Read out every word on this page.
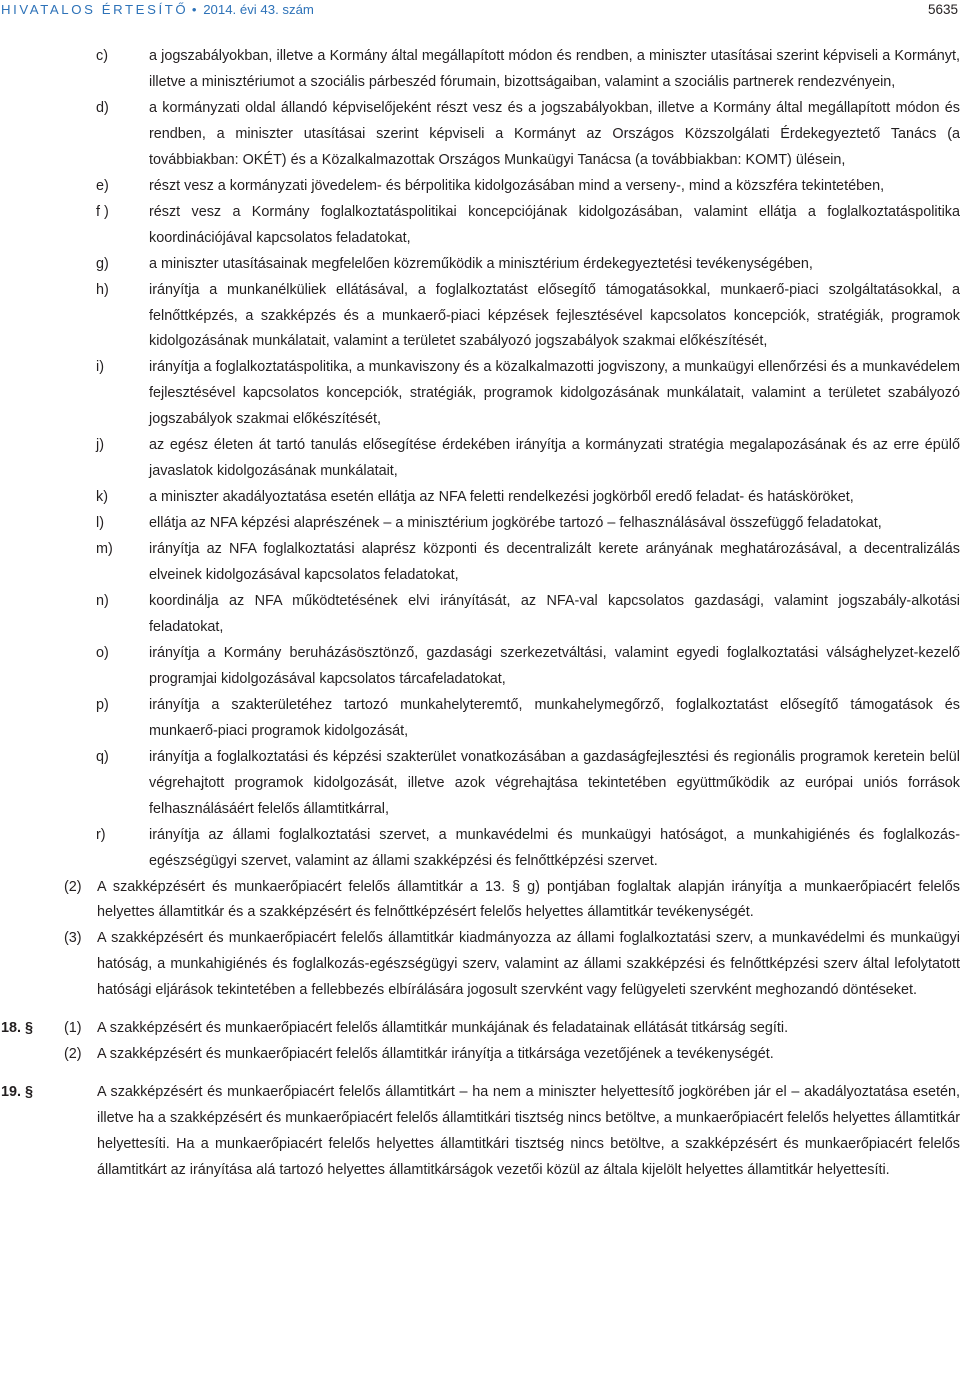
HIVATALOS ÉRTESÍTŐ • 2014. évi 43. szám	5635
c)	a jogszabályokban, illetve a Kormány által megállapított módon és rendben, a miniszter utasításai szerint képviseli a Kormányt, illetve a minisztériumot a szociális párbeszéd fórumain, bizottságaiban, valamint a szociális partnerek rendezvényein,
d)	a kormányzati oldal állandó képviselőjeként részt vesz és a jogszabályokban, illetve a Kormány által megállapított módon és rendben, a miniszter utasításai szerint képviseli a Kormányt az Országos Közszolgálati Érdekegyeztető Tanács (a továbbiakban: OKÉT) és a Közalkalmazottak Országos Munkaügyi Tanácsa (a továbbiakban: KOMT) ülésein,
e)	részt vesz a kormányzati jövedelem- és bérpolitika kidolgozásában mind a verseny-, mind a közszféra tekintetében,
f )	részt vesz a Kormány foglalkoztatáspolitikai koncepciójának kidolgozásában, valamint ellátja a foglalkoztatáspolitika koordinációjával kapcsolatos feladatokat,
g)	a miniszter utasításainak megfelelően közreműködik a minisztérium érdekegyeztetési tevékenységében,
h)	irányítja a munkanélküliek ellátásával, a foglalkoztatást elősegítő támogatásokkal, munkaerő-piaci szolgáltatásokkal, a felnőttképzés, a szakképzés és a munkaerő-piaci képzések fejlesztésével kapcsolatos koncepciók, stratégiák, programok kidolgozásának munkálatait, valamint a területet szabályozó jogszabályok szakmai előkészítését,
i)	irányítja a foglalkoztatáspolitika, a munkaviszony és a közalkalmazotti jogviszony, a munkaügyi ellenőrzési és a munkavédelem fejlesztésével kapcsolatos koncepciók, stratégiák, programok kidolgozásának munkálatait, valamint a területet szabályozó jogszabályok szakmai előkészítését,
j)	az egész életen át tartó tanulás elősegítése érdekében irányítja a kormányzati stratégia megalapozásának és az erre épülő javaslatok kidolgozásának munkálatait,
k)	a miniszter akadályoztatása esetén ellátja az NFA feletti rendelkezési jogkörből eredő feladat- és hatásköröket,
l)	ellátja az NFA képzési alaprészének – a minisztérium jogkörébe tartozó – felhasználásával összefüggő feladatokat,
m)	irányítja az NFA foglalkoztatási alaprész központi és decentralizált kerete arányának meghatározásával, a decentralizálás elveinek kidolgozásával kapcsolatos feladatokat,
n)	koordinálja az NFA működtetésének elvi irányítását, az NFA-val kapcsolatos gazdasági, valamint jogszabály-alkotási feladatokat,
o)	irányítja a Kormány beruházásösztönző, gazdasági szerkezetváltási, valamint egyedi foglalkoztatási válsághelyzet-kezelő programjai kidolgozásával kapcsolatos tárcafeladatokat,
p)	irányítja a szakterületéhez tartozó munkahelyteremtő, munkahelymegőrző, foglalkoztatást elősegítő támogatások és munkaerő-piaci programok kidolgozását,
q)	irányítja a foglalkoztatási és képzési szakterület vonatkozásában a gazdaságfejlesztési és regionális programok keretein belül végrehajtott programok kidolgozását, illetve azok végrehajtása tekintetében együttműködik az európai uniós források felhasználásáért felelős államtitkárral,
r)	irányítja az állami foglalkoztatási szervet, a munkavédelmi és munkaügyi hatóságot, a munkahigiénés és foglalkozás-egészségügyi szervet, valamint az állami szakképzési és felnőttképzési szervet.
(2) A szakképzésért és munkaerőpiacért felelős államtitkár a 13. § g) pontjában foglaltak alapján irányítja a munkaerőpiacért felelős helyettes államtitkár és a szakképzésért és felnőttképzésért felelős helyettes államtitkár tevékenységét.
(3) A szakképzésért és munkaerőpiacért felelős államtitkár kiadmányozza az állami foglalkoztatási szerv, a munkavédelmi és munkaügyi hatóság, a munkahigiénés és foglalkozás-egészségügyi szerv, valamint az állami szakképzési és felnőttképzési szerv által lefolytatott hatósági eljárások tekintetében a fellebbezés elbírálására jogosult szervként vagy felügyeleti szervként meghozandó döntéseket.
18. § (1) A szakképzésért és munkaerőpiacért felelős államtitkár munkájának és feladatainak ellátását titkárság segíti.
(2) A szakképzésért és munkaerőpiacért felelős államtitkár irányítja a titkársága vezetőjének a tevékenységét.
19. §	A szakképzésért és munkaerőpiacért felelős államtitkárt – ha nem a miniszter helyettesítő jogkörében jár el – akadályoztatása esetén, illetve ha a szakképzésért és munkaerőpiacért felelős államtitkári tisztség nincs betöltve, a munkaerőpiacért felelős helyettes államtitkár helyettesíti. Ha a munkaerőpiacért felelős helyettes államtitkári tisztség nincs betöltve, a szakképzésért és munkaerőpiacért felelős államtitkárt az irányítása alá tartozó helyettes államtitkárságok vezetői közül az általa kijelölt helyettes államtitkár helyettesíti.
